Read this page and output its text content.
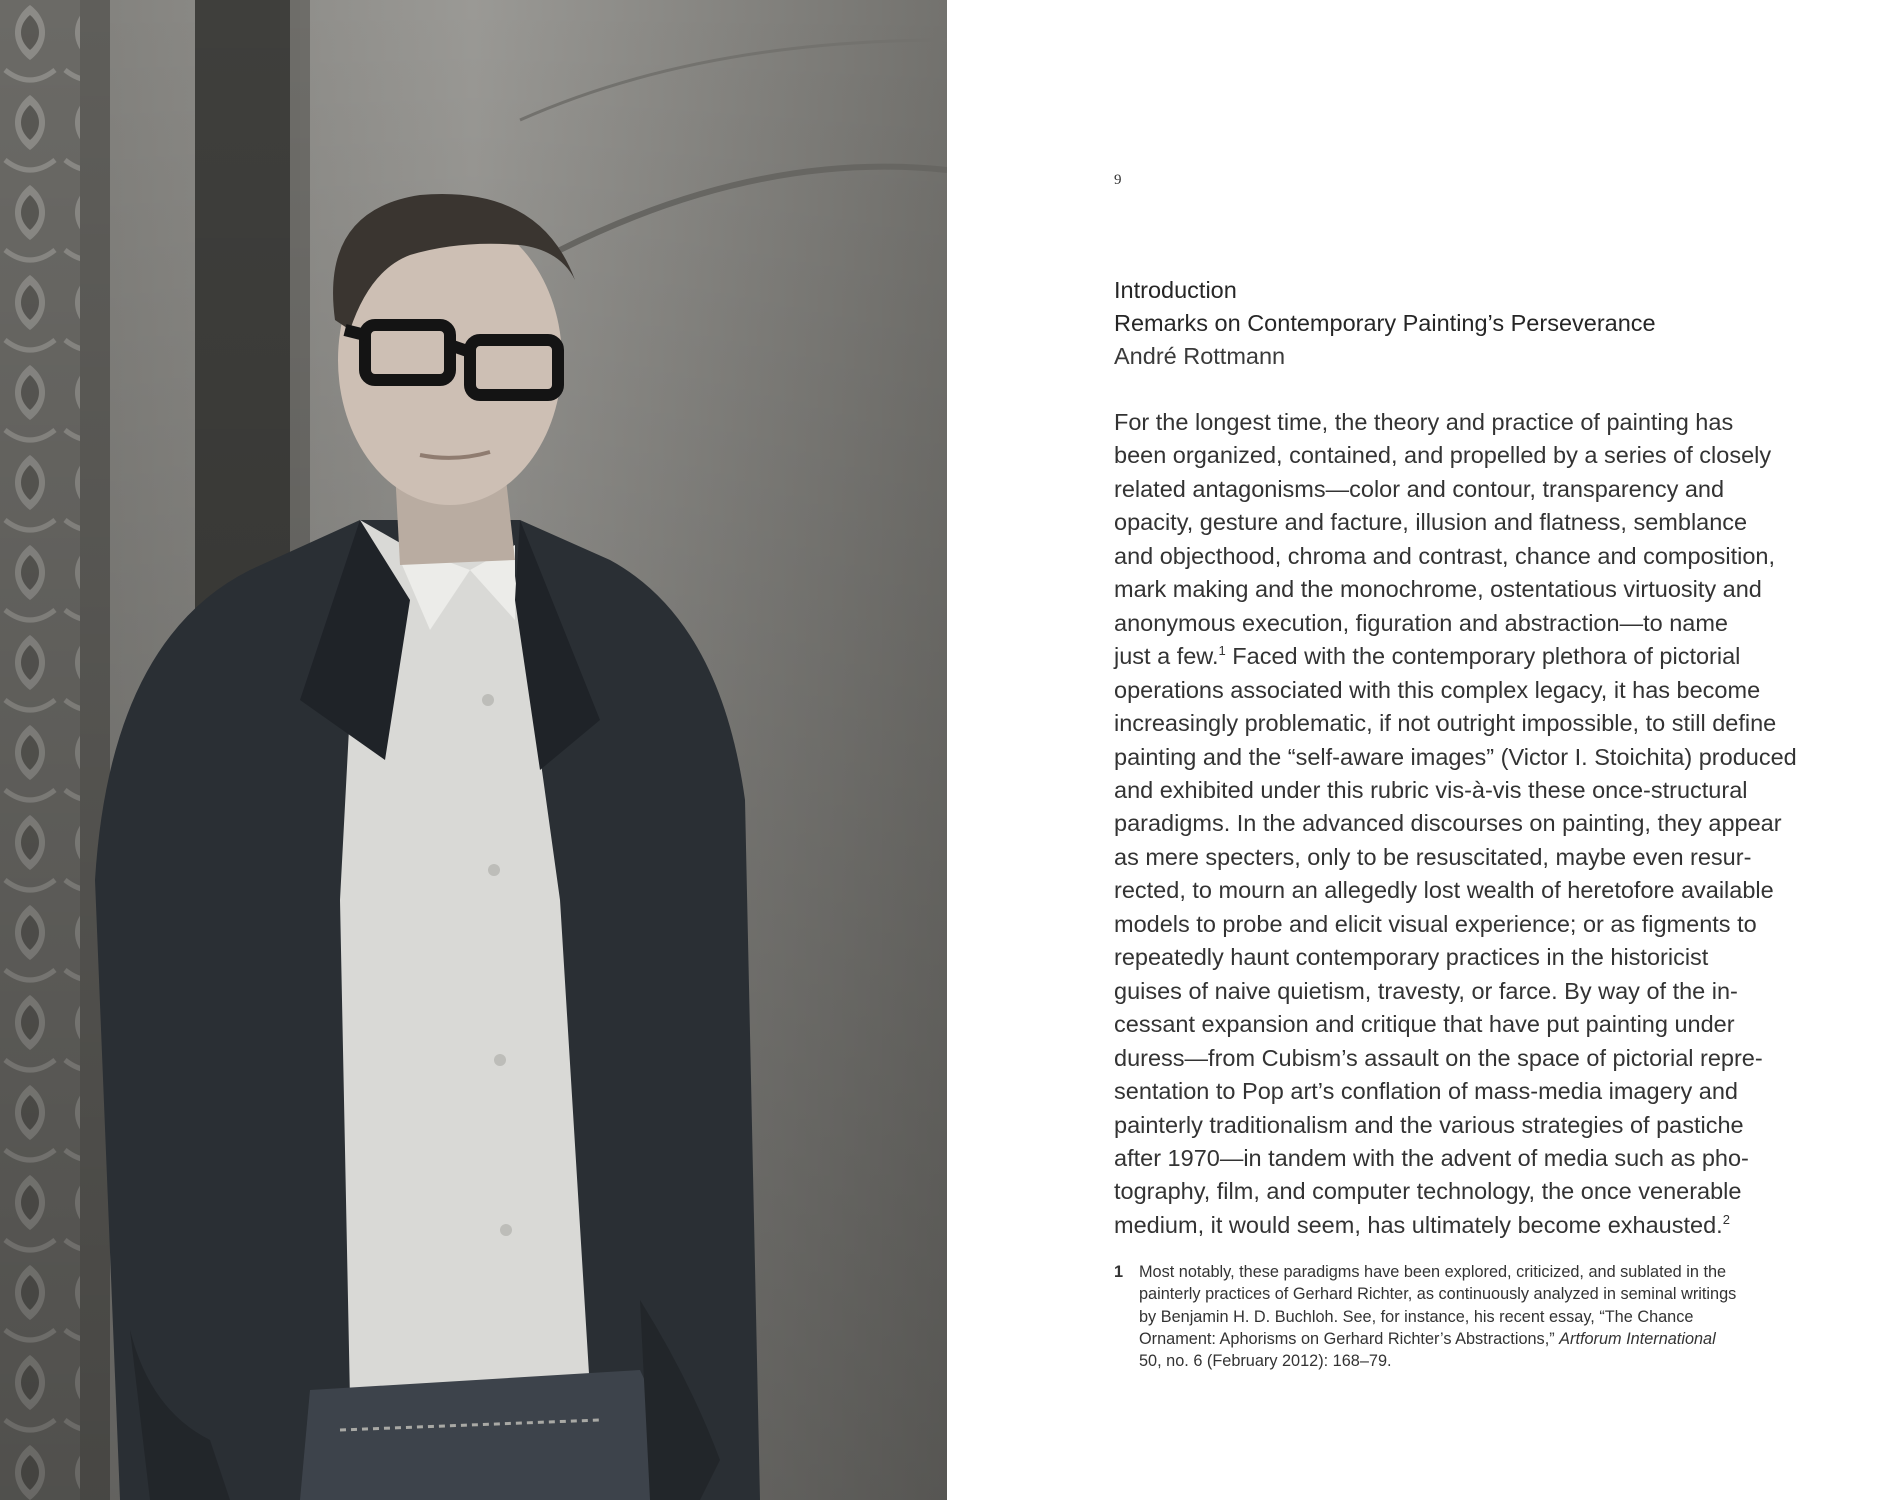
9
Introduction
Remarks on Contemporary Painting’s Perseverance
André Rottmann
For the longest time, the theory and practice of painting has
been organized, contained, and propelled by a series of closely
related antagonisms—color and contour, transparency and
opacity, gesture and facture, illusion and flatness, semblance
and objecthood, chroma and contrast, chance and composition,
mark making and the monochrome, ostentatious virtuosity and
anonymous execution, figuration and abstraction—to name
just a few.$^1$ Faced with the contemporary plethora of pictorial
operations associated with this complex legacy, it has become
increasingly problematic, if not outright impossible, to still define
painting and the “self-aware images” (Victor I. Stoichita) produced
and exhibited under this rubric vis-à-vis these once-structural
paradigms. In the advanced discourses on painting, they appear
as mere specters, only to be resuscitated, maybe even resur-
rected, to mourn an allegedly lost wealth of heretofore available
models to probe and elicit visual experience; or as figments to
repeatedly haunt contemporary practices in the historicist
guises of naive quietism, travesty, or farce. By way of the in-
cessant expansion and critique that have put painting under
duress—from Cubism’s assault on the space of pictorial repre-
sentation to Pop art’s conflation of mass-media imagery and
painterly traditionalism and the various strategies of pastiche
after 1970—in tandem with the advent of media such as pho-
tography, film, and computer technology, the once venerable
medium, it would seem, has ultimately become exhausted.$^2$
1 Most notably, these paradigms have been explored, criticized, and sublated in the
painterly practices of Gerhard Richter, as continuously analyzed in seminal writings
by Benjamin H. D. Buchloh. See, for instance, his recent essay, “The Chance
Ornament: Aphorisms on Gerhard Richter’s Abstractions,” Artforum International
50, no. 6 (February 2012): 168–79.
